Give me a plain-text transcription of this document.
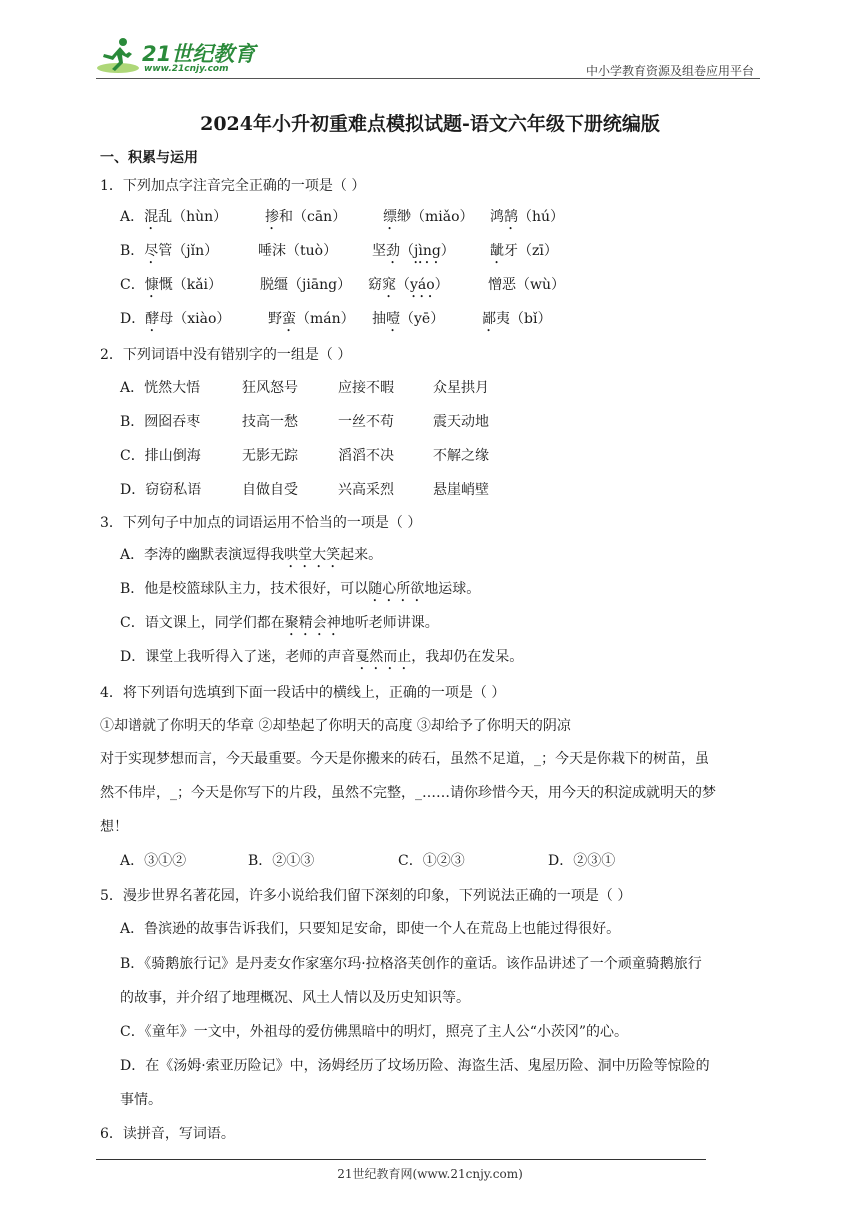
21世纪教育
www.21cnjy.com	中小学教育资源及组卷应用平台
2024年小升初重难点模拟试题-语文六年级下册统编版
一、积累与运用
1．下列加点字注音完全正确的一项是（ ）
A．混乱（hùn）	掺和（cān）	缥缈（miǎo） 鸿鹄（hú）
B．尽管（jǐn）	唾沫（tuò） 坚劲（jìng）	龇牙（zī）
C．慷慨（kǎi）	脱缰（jiāng） 窈窕（yáo）	憎恶（wù）
D．酵母（xiào）	野蛮（mán） 抽噎（yē）	鄙夷（bǐ）
2．下列词语中没有错别字的一组是（ ）
A．恍然大悟	狂风怒号	应接不暇	众星拱月
B．囫囵吞枣	技高一愁	一丝不苟	震天动地
C．排山倒海	无影无踪	滔滔不决	不解之缘
D．窃窃私语	自做自受	兴高采烈	悬崖峭壁
3．下列句子中加点的词语运用不恰当的一项是（ ）
A．李涛的幽默表演逗得我哄堂大笑起来。
B．他是校篮球队主力，技术很好，可以随心所欲地运球。
C．语文课上，同学们都在聚精会神地听老师讲课。
D．课堂上我听得入了迷，老师的声音戛然而止，我却仍在发呆。
4．将下列语句选填到下面一段话中的横线上，正确的一项是（ ）
①却谱就了你明天的华章 ②却垫起了你明天的高度 ③却给予了你明天的阴凉
对于实现梦想而言，今天最重要。今天是你搬来的砖石，虽然不足道，_；今天是你栽下的树苗，虽
然不伟岸，_；今天是你写下的片段，虽然不完整，_……请你珍惜今天，用今天的积淀成就明天的梦
想！
A．③①②	B．②①③	C．①②③	D．②③①
5．漫步世界名著花园，许多小说给我们留下深刻的印象，下列说法正确的一项是（ ）
A．鲁滨逊的故事告诉我们，只要知足安命，即使一个人在荒岛上也能过得很好。
B．《骑鹅旅行记》是丹麦女作家塞尔玛·拉格洛芙创作的童话。该作品讲述了一个顽童骑鹅旅行
的故事，并介绍了地理概况、风土人情以及历史知识等。
C．《童年》一文中，外祖母的爱仿佛黑暗中的明灯，照亮了主人公“小茨冈”的心。
D．在《汤姆·索亚历险记》中，汤姆经历了坟场历险、海盗生活、鬼屋历险、洞中历险等惊险的
事情。
6．读拼音，写词语。
21世纪教育网(www.21cnjy.com)
